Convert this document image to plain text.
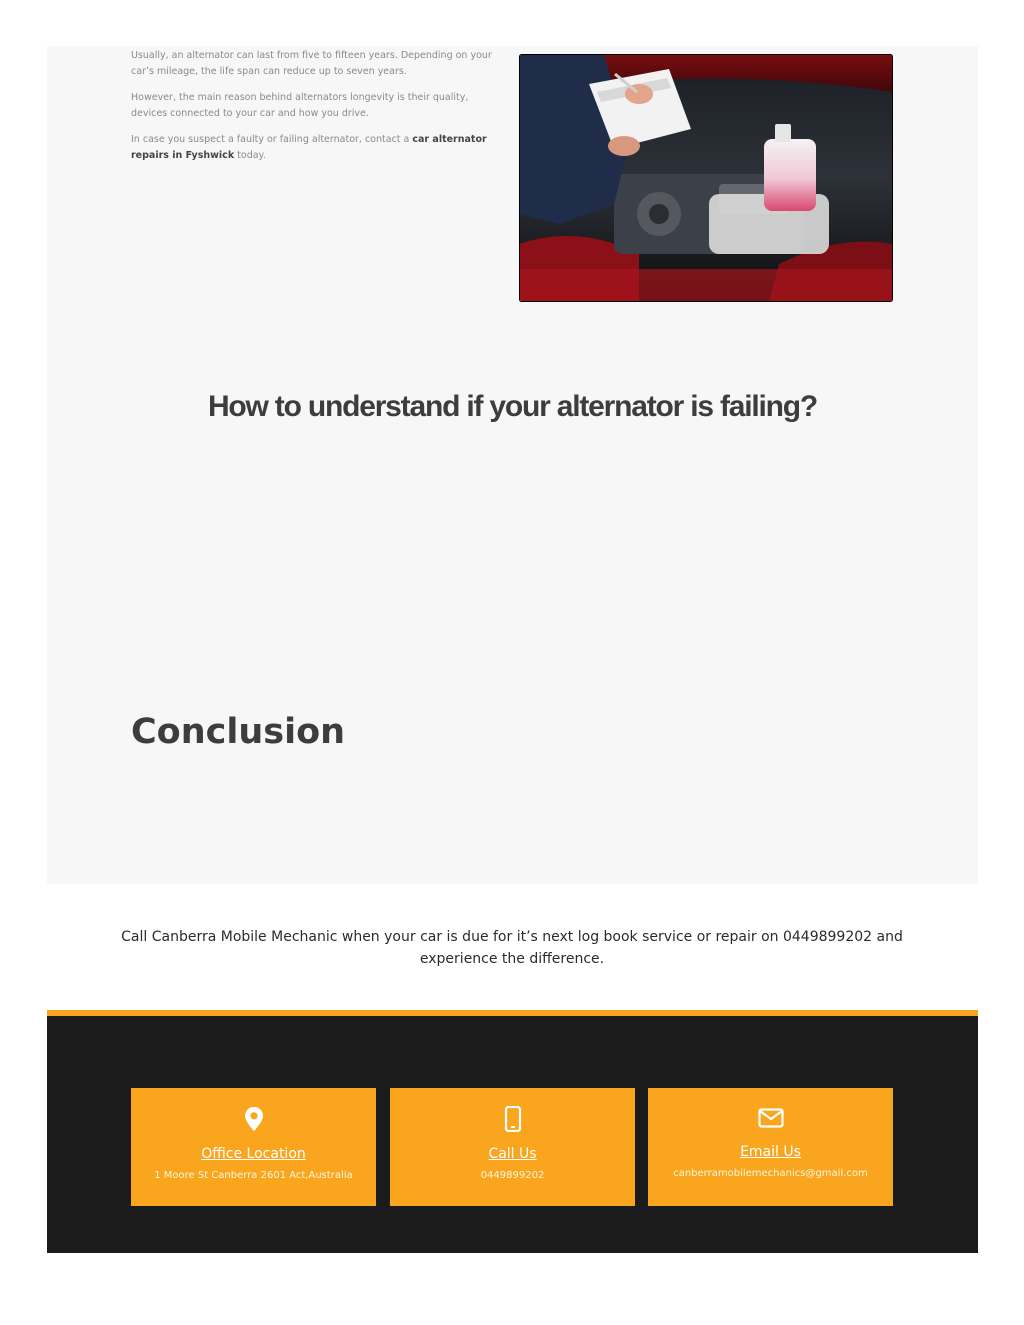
Usually, an alternator can last from five to fifteen years. Depending on your car’s mileage, the life span can reduce up to seven years.

However, the main reason behind alternators longevity is their quality, devices connected to your car and how you drive.

In case you suspect a faulty or failing alternator, contact a car alternator repairs in Fyshwick today.

How to understand if your alternator is failing?
Conclusion

Call Canberra Mobile Mechanic when your car is due for it’s next log book service or repair on 0449899202 and experience the difference.

Office Location
1 Moore St Canberra 2601 Act,Australia
Call Us
0449899202
Email Us
canberramobilemechanics@gmail.com
